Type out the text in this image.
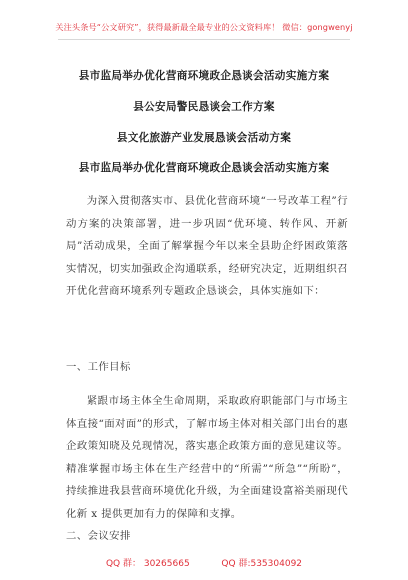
关注头条号“公文研究”，获得最新最全最专业的公文资料库！ 微信：gongwenyj
县市监局举办优化营商环境政企恳谈会活动实施方案
县公安局警民恳谈会工作方案
县文化旅游产业发展恳谈会活动方案
县市监局举办优化营商环境政企恳谈会活动实施方案

为深入贯彻落实市、县优化营商环境“一号改革工程”行动方案的决策部署，进一步巩固“优环境、转作风、开新局”活动成果，全面了解掌握今年以来全县助企纾困政策落实情况，切实加强政企沟通联系，经研究决定，近期组织召开优化营商环境系列专题政企恳谈会，具体实施如下：

一、工作目标

紧跟市场主体全生命周期，采取政府职能部门与市场主体直接“面对面”的形式，了解市场主体对相关部门出台的惠企政策知晓及兑现情况，落实惠企政策方面的意见建议等。精准掌握市场主体在生产经营中的“所需”“所急”“所盼”，持续推进我县营商环境优化升级，为全面建设富裕美丽现代化新 x 提供更加有力的保障和支撑。

二、会议安排

QQ 群： 30265665	QQ 群:535304092
